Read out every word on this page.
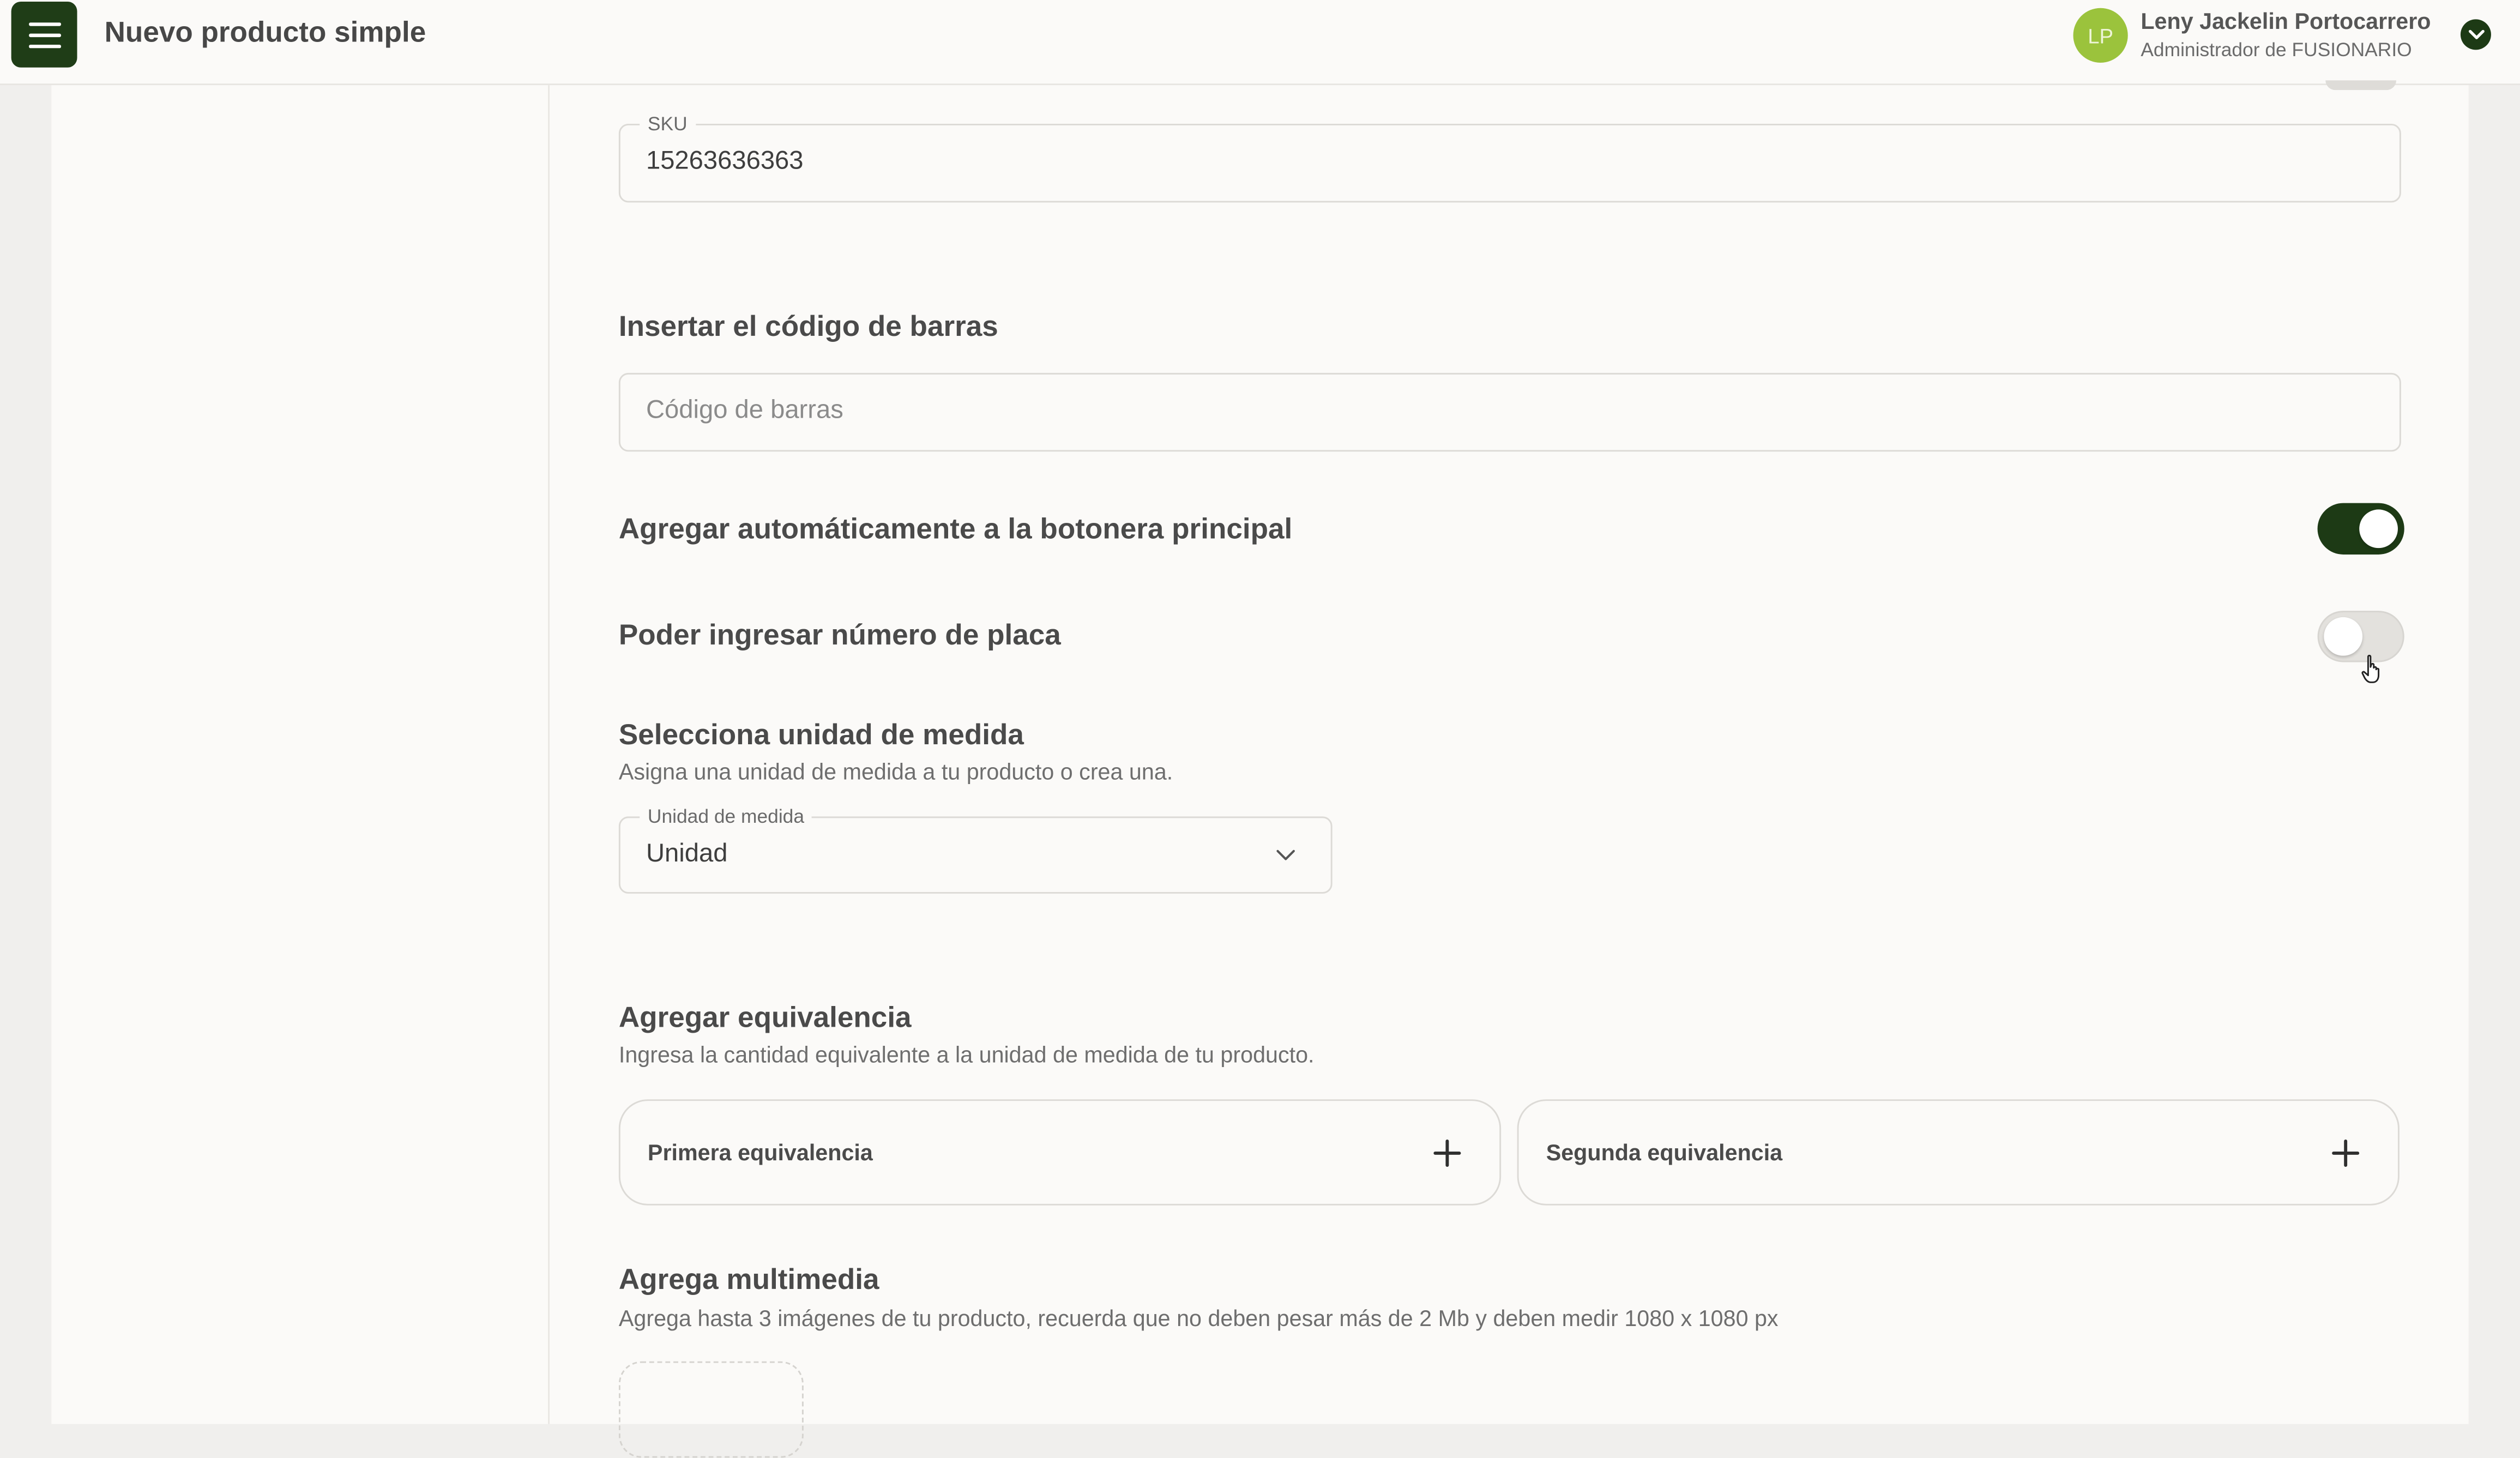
Nuevo producto simple	LP
Leny Jackelin Portocarrero
Administrador de FUSIONARIO
SKU
15263636363
Insertar el código de barras
Código de barras
Agregar automáticamente a la botonera principal
Poder ingresar número de placa
Selecciona unidad de medida
Asigna una unidad de medida a tu producto o crea una.
Unidad de medida
Unidad
Agregar equivalencia
Ingresa la cantidad equivalente a la unidad de medida de tu producto.
Primera equivalencia	Segunda equivalencia
Agrega multimedia
Agrega hasta 3 imágenes de tu producto, recuerda que no deben pesar más de 2 Mb y deben medir 1080 x 1080 px
